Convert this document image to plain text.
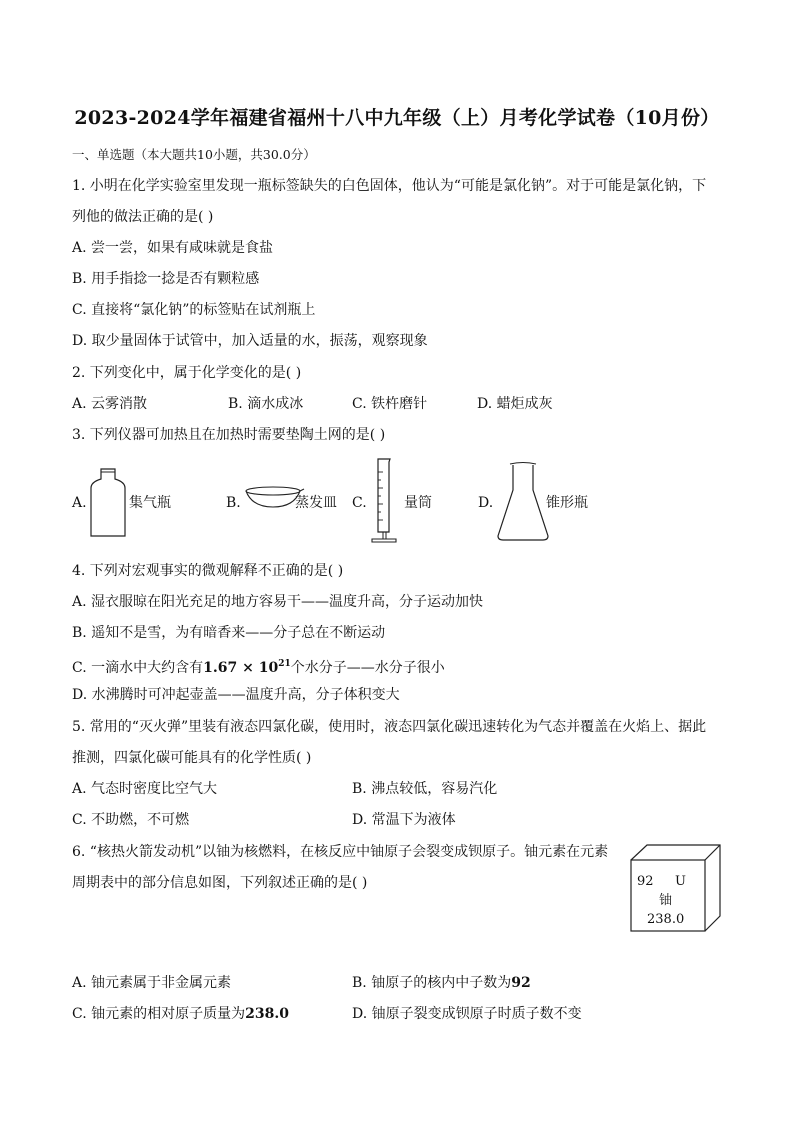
2023-2024学年福建省福州十八中九年级（上）月考化学试卷（10月份）
一、单选题（本大题共10小题，共30.0分）
1. 小明在化学实验室里发现一瓶标签缺失的白色固体，他认为“可能是氯化钠”。对于可能是氯化钠，下
列他的做法正确的是( )
A. 尝一尝，如果有咸味就是食盐
B. 用手指捻一捻是否有颗粒感
C. 直接将“氯化钠”的标签贴在试剂瓶上
D. 取少量固体于试管中，加入适量的水，振荡，观察现象
2. 下列变化中，属于化学变化的是( )
A. 云雾消散	B. 滴水成冰	C. 铁杵磨针	D. 蜡炬成灰
3. 下列仪器可加热且在加热时需要垫陶土网的是( )
A.	集气瓶	B.	蒸发皿 C.	量筒	D.	锥形瓶
4. 下列对宏观事实的微观解释不正确的是( )
A. 湿衣服晾在阳光充足的地方容易干——温度升高，分子运动加快
B. 遥知不是雪，为有暗香来——分子总在不断运动
C. 一滴水中大约含有$1.67 \times 10^{21}$个水分子——水分子很小
D. 水沸腾时可冲起壶盖——温度升高，分子体积变大
5. 常用的“灭火弹”里装有液态四氯化碳，使用时，液态四氯化碳迅速转化为气态并覆盖在火焰上、据此
推测，四氯化碳可能具有的化学性质( )
A. 气态时密度比空气大	B. 沸点较低，容易汽化
C. 不助燃，不可燃	D. 常温下为液体
6. “核热火箭发动机”以铀为核燃料，在核反应中铀原子会裂变成钡原子。铀元素在元素
周期表中的部分信息如图，下列叙述正确的是( )	92 U
铀
238.0
A. 铀元素属于非金属元素	B. 铀原子的核内中子数为92
C. 铀元素的相对原子质量为238.0	D. 铀原子裂变成钡原子时质子数不变
